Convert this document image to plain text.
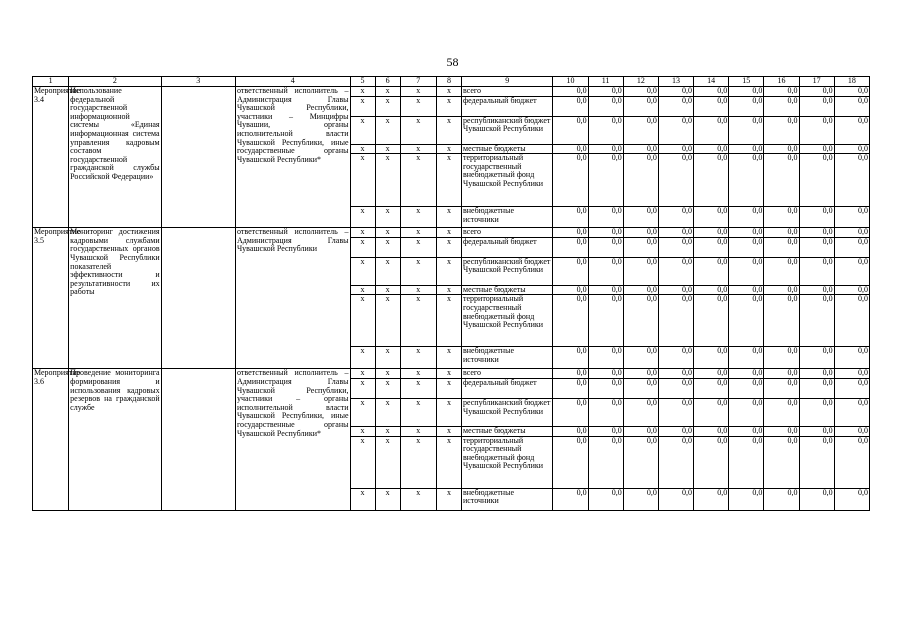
58
1	2	3	4	5	6	7	8	9	10	11	12	13	14	15	16	17	18
Мероприятие 3.4	Использование федеральной государственной информационной системы «Единая информационная система управления кадровым составом государственной гражданской службы Российской Федерации»		ответственный исполнитель – Администрация Главы Чувашской Республики, участники – Минцифры Чувашии, органы исполнительной власти Чувашской Республики, иные государственные органы Чувашской Республики*	x	x	x	x	всего	0,0	0,0	0,0	0,0	0,0	0,0	0,0	0,0	0,0
				x	x	x	x	федеральный бюджет	0,0	0,0	0,0	0,0	0,0	0,0	0,0	0,0	0,0
				x	x	x	x	республиканский бюджет Чувашской Республики	0,0	0,0	0,0	0,0	0,0	0,0	0,0	0,0	0,0
				x	x	x	x	местные бюджеты	0,0	0,0	0,0	0,0	0,0	0,0	0,0	0,0	0,0
				x	x	x	x	территориальный государственный внебюджетный фонд Чувашской Республики	0,0	0,0	0,0	0,0	0,0	0,0	0,0	0,0	0,0
				x	x	x	x	внебюджетные источники	0,0	0,0	0,0	0,0	0,0	0,0	0,0	0,0	0,0
Мероприятие 3.5	Мониторинг достижения кадровыми службами государственных органов Чувашской Республики показателей эффективности и результативности их работы		ответственный исполнитель – Администрация Главы Чувашской Республики	x	x	x	x	всего	0,0	0,0	0,0	0,0	0,0	0,0	0,0	0,0	0,0
				x	x	x	x	федеральный бюджет	0,0	0,0	0,0	0,0	0,0	0,0	0,0	0,0	0,0
				x	x	x	x	республиканский бюджет Чувашской Республики	0,0	0,0	0,0	0,0	0,0	0,0	0,0	0,0	0,0
				x	x	x	x	местные бюджеты	0,0	0,0	0,0	0,0	0,0	0,0	0,0	0,0	0,0
				x	x	x	x	территориальный государственный внебюджетный фонд Чувашской Республики	0,0	0,0	0,0	0,0	0,0	0,0	0,0	0,0	0,0
				x	x	x	x	внебюджетные источники	0,0	0,0	0,0	0,0	0,0	0,0	0,0	0,0	0,0
Мероприятие 3.6	Проведение мониторинга формирования и использования кадровых резервов на гражданской службе		ответственный исполнитель – Администрация Главы Чувашской Республики, участники – органы исполнительной власти Чувашской Республики, иные государственные органы Чувашской Республики*	x	x	x	x	всего	0,0	0,0	0,0	0,0	0,0	0,0	0,0	0,0	0,0
				x	x	x	x	федеральный бюджет	0,0	0,0	0,0	0,0	0,0	0,0	0,0	0,0	0,0
				x	x	x	x	республиканский бюджет Чувашской Республики	0,0	0,0	0,0	0,0	0,0	0,0	0,0	0,0	0,0
				x	x	x	x	местные бюджеты	0,0	0,0	0,0	0,0	0,0	0,0	0,0	0,0	0,0
				x	x	x	x	территориальный государственный внебюджетный фонд Чувашской Республики	0,0	0,0	0,0	0,0	0,0	0,0	0,0	0,0	0,0
				x	x	x	x	внебюджетные источники	0,0	0,0	0,0	0,0	0,0	0,0	0,0	0,0	0,0
